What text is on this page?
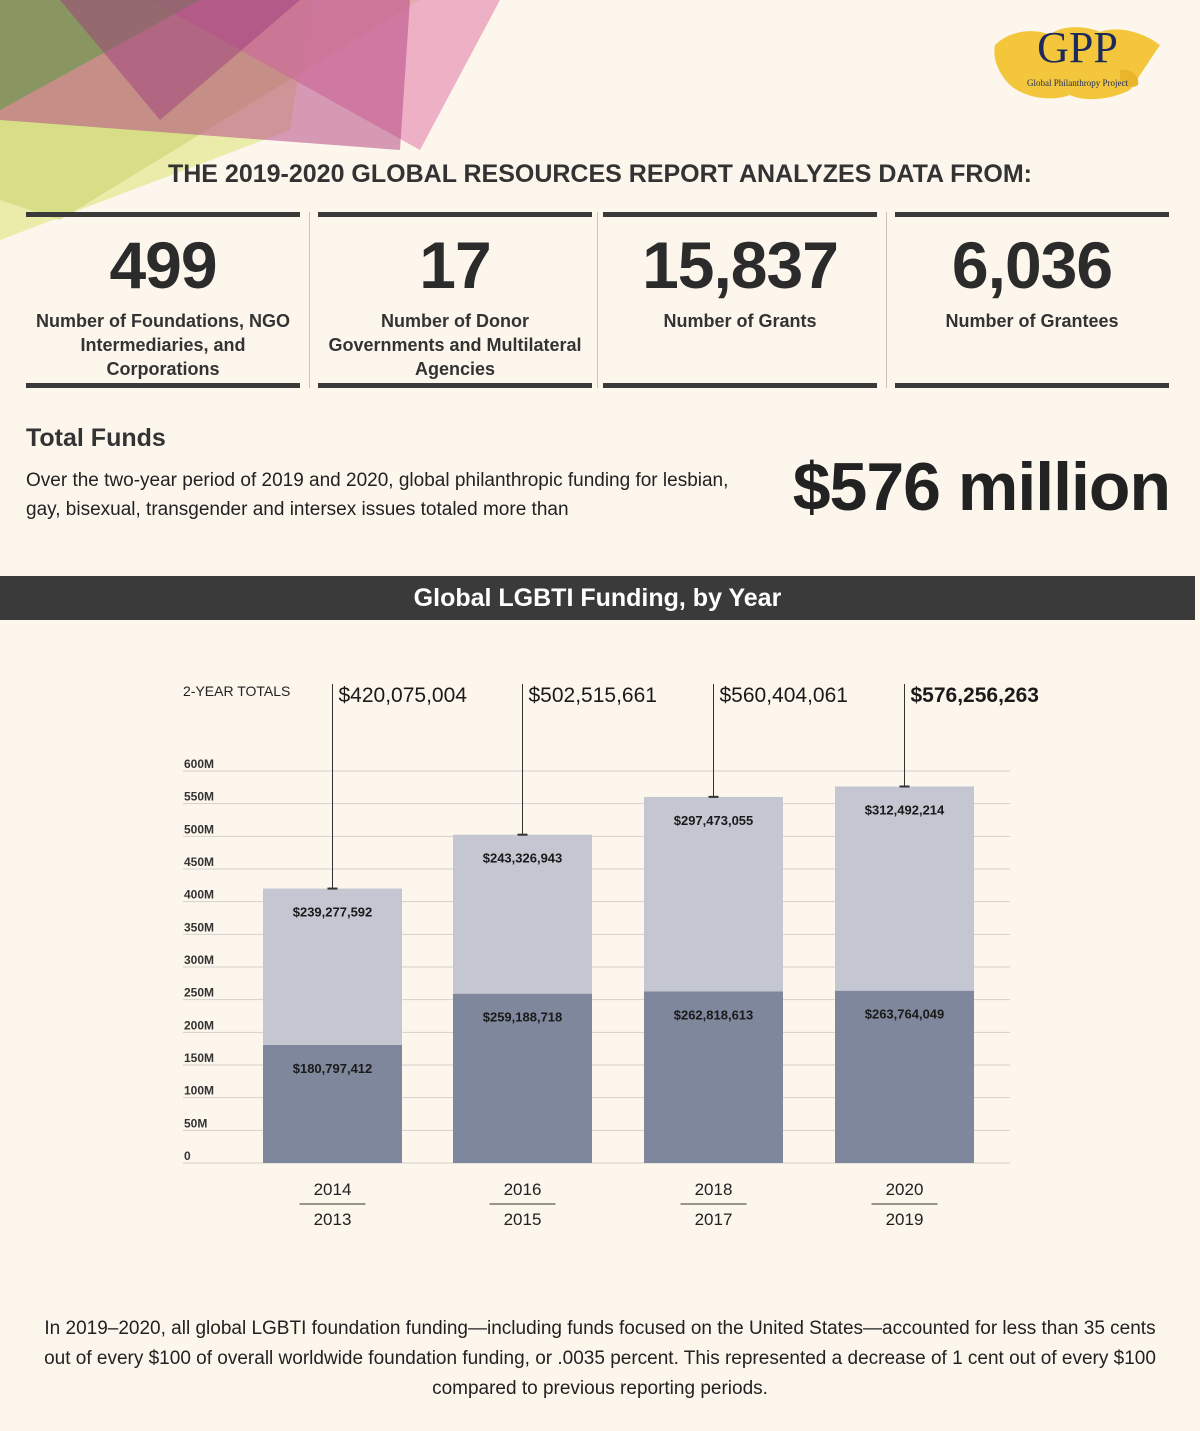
GPP
Global Philanthropy Project
THE 2019-2020 GLOBAL RESOURCES REPORT ANALYZES DATA FROM:
499
Number of Foundations, NGO Intermediaries, and Corporations
17
Number of Donor Governments and Multilateral Agencies
15,837
Number of Grants
6,036
Number of Grantees
Total Funds
Over the two-year period of 2019 and 2020, global philanthropic funding for lesbian, gay, bisexual, transgender and intersex issues totaled more than	$576 million
Global LGBTI Funding, by Year
0
50M
100M
150M
200M
250M
300M
350M
400M
450M
500M
550M
600M
2-YEAR TOTALS
$180,797,412
$239,277,592
$420,075,004
2014
2013
$259,188,718
$243,326,943
$502,515,661
2016
2015
$262,818,613
$297,473,055
$560,404,061
2018
2017
$263,764,049
$312,492,214
$576,256,263
2020
2019
In 2019–2020, all global LGBTI foundation funding—including funds focused on the United States—accounted for less than 35 cents out of every $100 of overall worldwide foundation funding, or .0035 percent. This represented a decrease of 1 cent out of every $100 compared to previous reporting periods.
